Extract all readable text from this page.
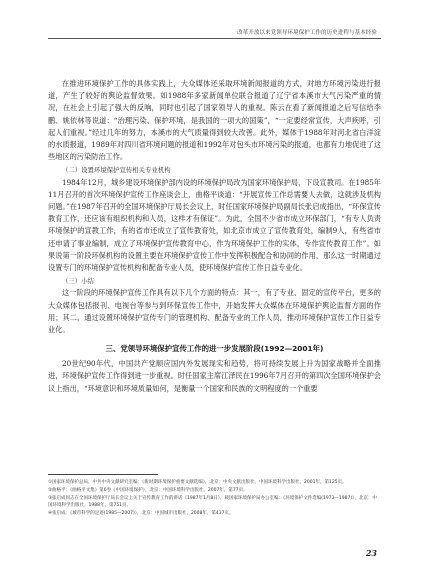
改革开放以来党领导环境保护工作的历史进程与基本经验

在推进环境保护工作的具体实践上，大众媒体还采取环境新闻报道的方式，对地方环境污染进行报道，产生了较好的舆论监督效果。如1988年多家新闻单位联合报道了辽宁省本溪市大气污染严重的情况，在社会上引起了强大的反响，同时也引起了国家领导人的重视。陈云在看了新闻报道之后写信给李鹏、姚依林等说道：“治理污染、保护环境，是我国的一项大的国策”，“一定要经常宣传，大声疾呼，引起人们重视。”经过几年的努力，本溪市的大气质量得到较大改善。此外，媒体于1988年对河北省白洋淀的水质报道，1989年对四川省环境问题的报道和1992年对包头市环境污染的报道，也都有力地促进了这些地区的污染防治工作。

（二）设置环境保护宣传相关专业机构

1984年12月，城乡建设环境保护部内设的环境保护局改为国家环境保护局，下设宣教司。在1985年11月召开的首次环境保护宣传工作座谈会上，曲格平谈道：“开展宣传工作总需要人去做，这就涉及机构问题。”在1987年召开的全国环境保护厅局长会议上，时任国家环境保护局副局长张启成指出，“环保宣传教育工作，还应该有组织机构和人员，这样才有保证”。为此，全国不少省市成立环保部门，“有专人负责环境保护的宣教工作，有的省市还成立了宣传教育处，如北京市成立了宣传教育处，编制9人，有些省市还申请了事业编制，成立了环境保护宣传教育中心，作为环境保护工作的实体，专作宣传教育工作”。如果说第一阶段环保机构的设置主要在环境保护宣传工作中发挥积极配合和协同的作用，那么这一时期通过设置专门的环境保护宣传机构和配备专业人员，使环境保护宣传工作日益专业化。

（三）小结

这一阶段的环境保护宣传工作具有以下几个方面的特点：其一，有了专业、固定的宣传平台，更多的大众媒体包括报刊、电视台等参与到环保宣传工作中，开始发挥大众媒体在环境保护舆论监督方面的作用；其二，通过设置环境保护宣传专门的管理机构、配备专业的工作人员，推动环境保护宣传工作日益专业化。

三、党领导环境保护宣传工作的进一步发展阶段(1992—2001年)

20世纪90年代，中国共产党顺应国内外发展现实和趋势，将可持续发展上升为国家战略并全面推进，环境保护宣传工作得到进一步重视。时任国家主席江泽民在1996年7月召开的第四次全国环境保护会议上指出，“环境意识和环境质量如何，是衡量一个国家和民族的文明程度的一个重要

①国家环境保护总局、中共中央文献研究室编：《新时期环境保护重要文献选编》，北京：中央文献出版社、中国环境科学出版社，2001年，第125页。

②曲格平：《曲格平文集》第6卷《中国环境保护》，北京：中国环境科学出版社，2007年，第77页。

③张启成同志在全国环境保护厅局长会议上关于宣传教育工作的讲话（1987年1月8日），载国家环境保护局办公室编：《环境保护文件选编(1973—1987)》，北京：中国环境科学出版社，1988年，第751页。

④张启成：《城市科学的足迹(1985—2007)》，北京：中国城市出版社，2008年，第437页。

23
